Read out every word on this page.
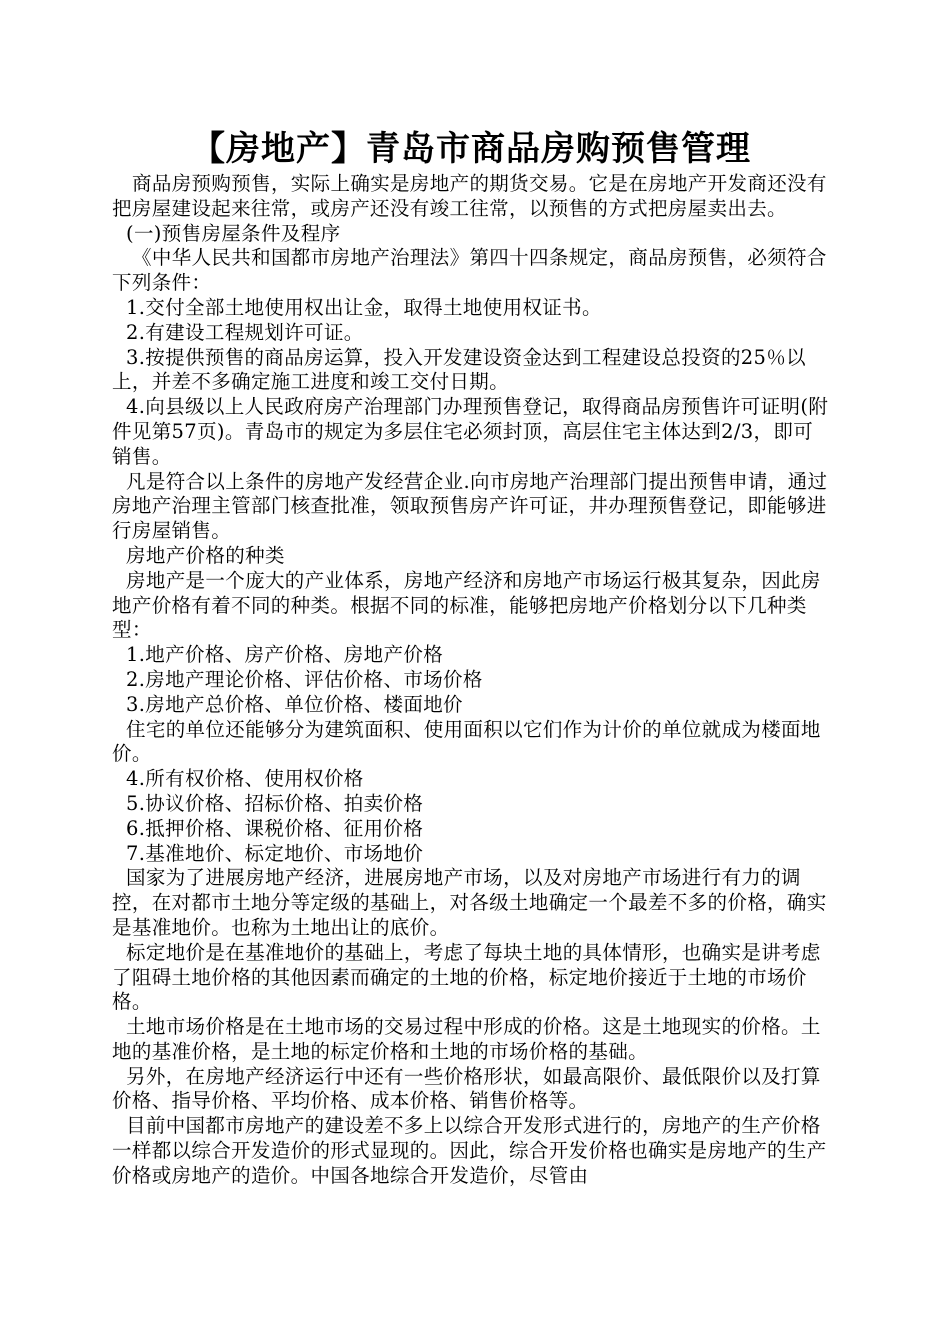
【房地产】青岛市商品房购预售管理

商品房预购预售，实际上确实是房地产的期货交易。它是在房地产开发商还没有把房屋建设起来往常，或房产还没有竣工往常，以预售的方式把房屋卖出去。

(一)预售房屋条件及程序

《中华人民共和国都市房地产治理法》第四十四条规定，商品房预售，必须符合下列条件：

1.交付全部土地使用权出让金，取得土地使用权证书。

2.有建设工程规划许可证。

3.按提供预售的商品房运算，投入开发建设资金达到工程建设总投资的25％以上，并差不多确定施工进度和竣工交付日期。

4.向县级以上人民政府房产治理部门办理预售登记，取得商品房预售许可证明(附件见第57页)。青岛市的规定为多层住宅必须封顶，高层住宅主体达到2/3，即可销售。

凡是符合以上条件的房地产发经营企业.向市房地产治理部门提出预售申请，通过房地产治理主管部门核查批准，领取预售房产许可证，井办理预售登记，即能够进行房屋销售。

房地产价格的种类

房地产是一个庞大的产业体系，房地产经济和房地产市场运行极其复杂，因此房地产价格有着不同的种类。根据不同的标准，能够把房地产价格划分以下几种类型：

1.地产价格、房产价格、房地产价格

2.房地产理论价格、评估价格、市场价格

3.房地产总价格、单位价格、楼面地价

住宅的单位还能够分为建筑面积、使用面积以它们作为计价的单位就成为楼面地价。

4.所有权价格、使用权价格

5.协议价格、招标价格、拍卖价格

6.抵押价格、课税价格、征用价格

7.基准地价、标定地价、市场地价

国家为了进展房地产经济，进展房地产市场，以及对房地产市场进行有力的调控，在对都市土地分等定级的基础上，对各级土地确定一个最差不多的价格，确实是基准地价。也称为土地出让的底价。

标定地价是在基准地价的基础上，考虑了每块土地的具体情形，也确实是讲考虑了阻碍土地价格的其他因素而确定的土地的价格，标定地价接近于土地的市场价格。

土地市场价格是在土地市场的交易过程中形成的价格。这是土地现实的价格。土地的基准价格，是土地的标定价格和土地的市场价格的基础。

另外，在房地产经济运行中还有一些价格形状，如最高限价、最低限价以及打算价格、指导价格、平均价格、成本价格、销售价格等。

目前中国都市房地产的建设差不多上以综合开发形式进行的，房地产的生产价格一样都以综合开发造价的形式显现的。因此，综合开发价格也确实是房地产的生产价格或房地产的造价。中国各地综合开发造价，尽管由
